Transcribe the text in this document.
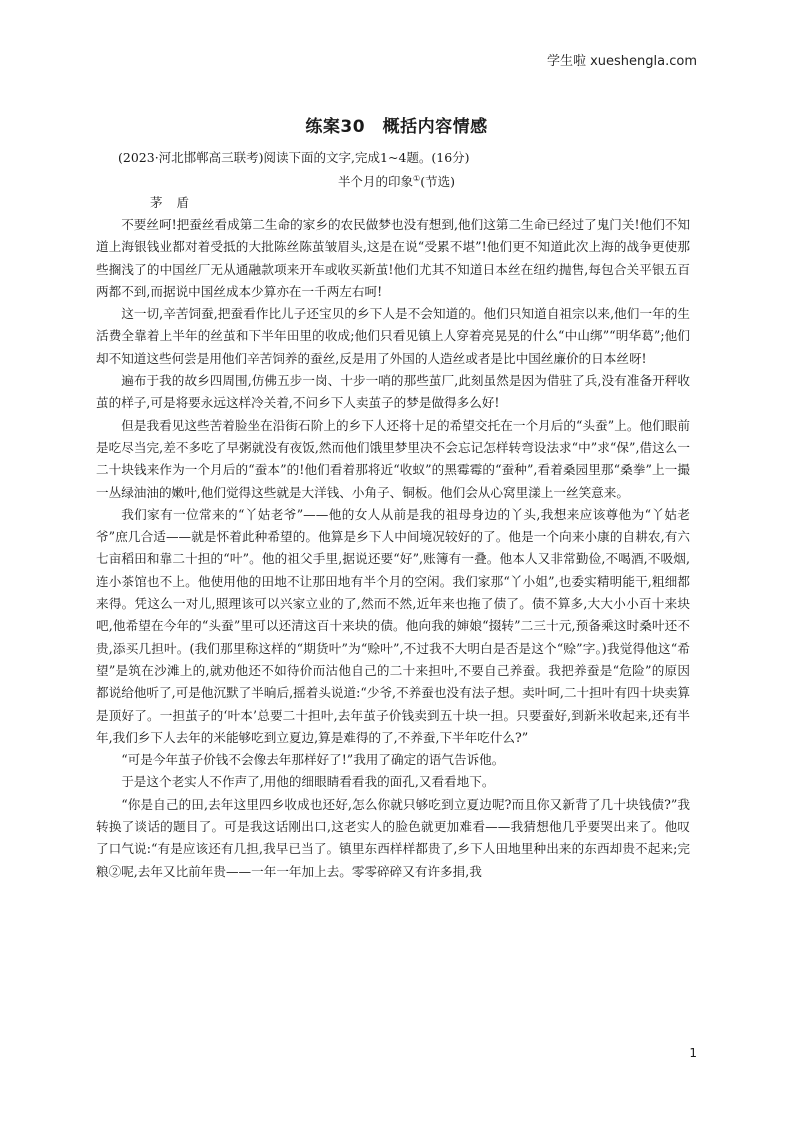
学生啦 xueshengla.com
练案30　概括内容情感
(2023·河北邯郸高三联考)阅读下面的文字,完成1~4题。(16分)
半个月的印象①(节选)
茅盾

不要丝呵!把蚕丝看成第二生命的家乡的农民做梦也没有想到,他们这第二生命已经过了鬼门关!他们不知道上海银钱业都对着受抵的大批陈丝陈茧皱眉头,这是在说“受累不堪”!他们更不知道此次上海的战争更使那些搁浅了的中国丝厂无从通融款项来开车或收买新茧!他们尤其不知道日本丝在纽约抛售,每包合关平银五百两都不到,而据说中国丝成本少算亦在一千两左右呵!

这一切,辛苦饲蚕,把蚕看作比儿子还宝贝的乡下人是不会知道的。他们只知道自祖宗以来,他们一年的生活费全靠着上半年的丝茧和下半年田里的收成;他们只看见镇上人穿着亮晃晃的什么“中山绑”“明华葛”;他们却不知道这些何尝是用他们辛苦饲养的蚕丝,反是用了外国的人造丝或者是比中国丝廉价的日本丝呀!

遍布于我的故乡四周围,仿佛五步一岗、十步一哨的那些茧厂,此刻虽然是因为借驻了兵,没有准备开秤收茧的样子,可是将要永远这样冷关着,不问乡下人卖茧子的梦是做得多么好!

但是我看见这些苦着脸坐在沿街石阶上的乡下人还将十足的希望交托在一个月后的“头蚕”上。他们眼前是吃尽当完,差不多吃了早粥就没有夜饭,然而他们饿里梦里决不会忘记怎样转弯设法求“中”求“保”,借这么一二十块钱来作为一个月后的“蚕本”的!他们看着那将近“收蚁”的黑霉霉的“蚕种”,看着桑园里那“桑拳”上一撮一丛绿油油的嫩叶,他们觉得这些就是大洋钱、小角子、铜板。他们会从心窝里漾上一丝笑意来。

我们家有一位常来的“丫姑老爷”——他的女人从前是我的祖母身边的丫头,我想来应该尊他为“丫姑老爷”庶几合适——就是怀着此种希望的。他算是乡下人中间境况较好的了。他是一个向来小康的自耕农,有六七亩稻田和靠二十担的“叶”。他的祖父手里,据说还要“好”,账簿有一叠。他本人又非常勤俭,不喝酒,不吸烟,连小茶馆也不上。他使用他的田地不让那田地有半个月的空闲。我们家那“丫小姐”,也委实精明能干,粗细都来得。凭这么一对儿,照理该可以兴家立业的了,然而不然,近年来也拖了债了。债不算多,大大小小百十来块吧,他希望在今年的“头蚕”里可以还清这百十来块的债。他向我的婶娘“掇转”二三十元,预备乘这时桑叶还不贵,添买几担叶。(我们那里称这样的“期货叶”为“赊叶”,不过我不大明白是否是这个“赊”字。)我觉得他这“希望”是筑在沙滩上的,就劝他还不如待价而沽他自己的二十来担叶,不要自己养蚕。我把养蚕是“危险”的原因都说给他听了,可是他沉默了半晌后,摇着头说道:“少爷,不养蚕也没有法子想。卖叶呵,二十担叶有四十块卖算是顶好了。一担茧子的‘叶本’总要二十担叶,去年茧子价钱卖到五十块一担。只要蚕好,到新米收起来,还有半年,我们乡下人去年的米能够吃到立夏边,算是难得的了,不养蚕,下半年吃什么?”

“可是今年茧子价钱不会像去年那样好了!”我用了确定的语气告诉他。

于是这个老实人不作声了,用他的细眼睛看看我的面孔,又看看地下。

“你是自己的田,去年这里四乡收成也还好,怎么你就只够吃到立夏边呢?而且你又新背了几十块钱债?”我转换了谈话的题目了。可是我这话刚出口,这老实人的脸色就更加难看——我猜想他几乎要哭出来了。他叹了口气说:“有是应该还有几担,我早已当了。镇里东西样样都贵了,乡下人田地里种出来的东西却贵不起来;完粮②呢,去年又比前年贵——一年一年加上去。零零碎碎又有许多捐,我

1
